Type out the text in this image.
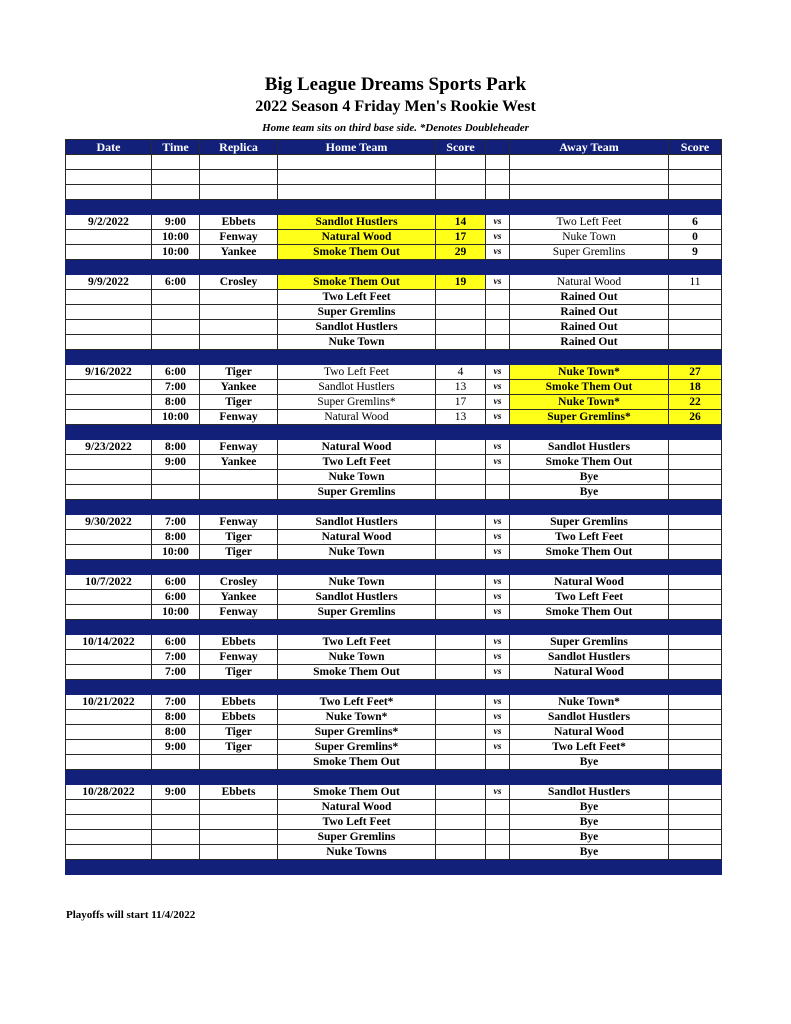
Big League Dreams Sports Park
2022 Season 4 Friday Men's Rookie West
Home team sits on third base side. *Denotes Doubleheader
Date	Time	Replica	Home Team	Score		Away Team	Score

9/2/2022	9:00	Ebbets	Sandlot Hustlers	14	vs	Two Left Feet	6
	10:00	Fenway	Natural Wood	17	vs	Nuke Town	0
	10:00	Yankee	Smoke Them Out	29	vs	Super Gremlins	9

9/9/2022	6:00	Crosley	Smoke Them Out	19	vs	Natural Wood	11
			Two Left Feet			Rained Out	
			Super Gremlins			Rained Out	
			Sandlot Hustlers			Rained Out	
			Nuke Town			Rained Out	

9/16/2022	6:00	Tiger	Two Left Feet	4	vs	Nuke Town*	27
	7:00	Yankee	Sandlot Hustlers	13	vs	Smoke Them Out	18
	8:00	Tiger	Super Gremlins*	17	vs	Nuke Town*	22
	10:00	Fenway	Natural Wood	13	vs	Super Gremlins*	26

9/23/2022	8:00	Fenway	Natural Wood		vs	Sandlot Hustlers	
	9:00	Yankee	Two Left Feet		vs	Smoke Them Out	
			Nuke Town			Bye	
			Super Gremlins			Bye	

9/30/2022	7:00	Fenway	Sandlot Hustlers		vs	Super Gremlins	
	8:00	Tiger	Natural Wood		vs	Two Left Feet	
	10:00	Tiger	Nuke Town		vs	Smoke Them Out	

10/7/2022	6:00	Crosley	Nuke Town		vs	Natural Wood	
	6:00	Yankee	Sandlot Hustlers		vs	Two Left Feet	
	10:00	Fenway	Super Gremlins		vs	Smoke Them Out	

10/14/2022	6:00	Ebbets	Two Left Feet		vs	Super Gremlins	
	7:00	Fenway	Nuke Town		vs	Sandlot Hustlers	
	7:00	Tiger	Smoke Them Out		vs	Natural Wood	

10/21/2022	7:00	Ebbets	Two Left Feet*		vs	Nuke Town*	
	8:00	Ebbets	Nuke Town*		vs	Sandlot Hustlers	
	8:00	Tiger	Super Gremlins*		vs	Natural Wood	
	9:00	Tiger	Super Gremlins*		vs	Two Left Feet*	
			Smoke Them Out			Bye	

10/28/2022	9:00	Ebbets	Smoke Them Out		vs	Sandlot Hustlers	
			Natural Wood			Bye	
			Two Left Feet			Bye	
			Super Gremlins			Bye	
			Nuke Towns			Bye	

Playoffs will start 11/4/2022
